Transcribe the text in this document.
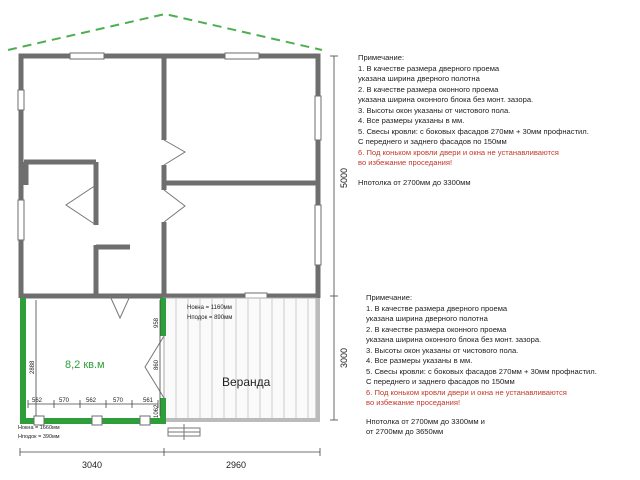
8,2 кв.м
Веранда
5000
3000
3040	2960
2888
958
860
1062
562	570	562	570	561
Hокна = 1160мм
Hподок = 890мм
Hокна = 1660мм
Hподок = 390мм
Примечание:
1. В качестве размера дверного проема
указана ширина дверного полотна
2. В качестве размера оконного проема
указана ширина оконного блока без монт. зазора.
3. Высоты окон указаны от чистового пола.
4. Все размеры указаны в мм.
5. Свесы кровли: с боковых фасадов 270мм + 30мм профнастил.
С переднего и заднего фасадов по 150мм
6. Под коньком кровли двери и окна не устанавливаются
во избежание проседания!
Hпотолка от 2700мм до 3300мм
Примечание:
1. В качестве размера дверного проема
указана ширина дверного полотна
2. В качестве размера оконного проема
указана ширина оконного блока без монт. зазора.
3. Высоты окон указаны от чистового пола.
4. Все размеры указаны в мм.
5. Свесы кровли: с боковых фасадов 270мм + 30мм профнастил.
С переднего и заднего фасадов по 150мм
6. Под коньком кровли двери и окна не устанавливаются
во избежание проседания!
Hпотолка от 2700мм до 3300мм и
от 2700мм до 3650мм
